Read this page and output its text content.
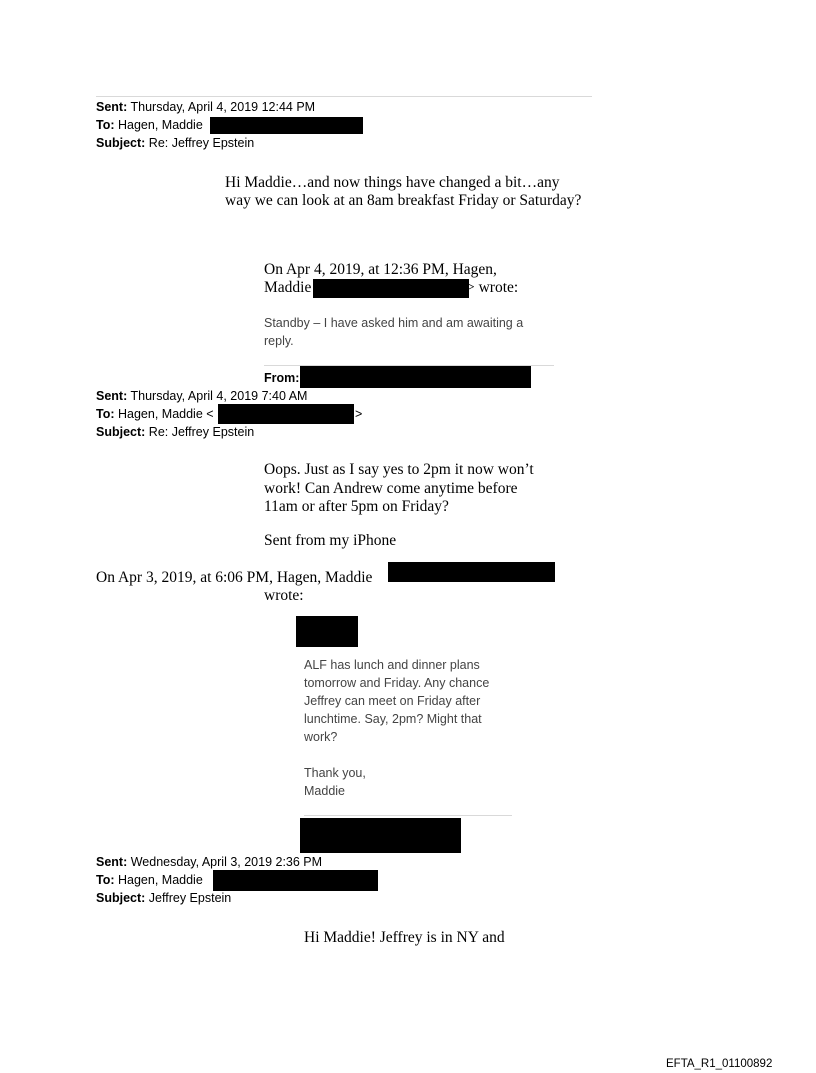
Sent: Thursday, April 4, 2019 12:44 PM
To: Hagen, Maddie
Subject: Re: Jeffrey Epstein
Hi Maddie…and now things have changed a bit…any
way we can look at an 8am breakfast Friday or Saturday?
On Apr 4, 2019, at 12:36 PM, Hagen,
Maddie	> wrote:
Standby – I have asked him and am awaiting a
reply.
From:
Sent: Thursday, April 4, 2019 7:40 AM
To: Hagen, Maddie <	>
Subject: Re: Jeffrey Epstein
Oops. Just as I say yes to 2pm it now won’t
work! Can Andrew come anytime before
11am or after 5pm on Friday?
Sent from my iPhone
On Apr 3, 2019, at 6:06 PM, Hagen, Maddie
wrote:
ALF has lunch and dinner plans
tomorrow and Friday. Any chance
Jeffrey can meet on Friday after
lunchtime. Say, 2pm? Might that
work?
Thank you,
Maddie
Sent: Wednesday, April 3, 2019 2:36 PM
To: Hagen, Maddie
Subject: Jeffrey Epstein
Hi Maddie! Jeffrey is in NY and
EFTA_R1_01100892
